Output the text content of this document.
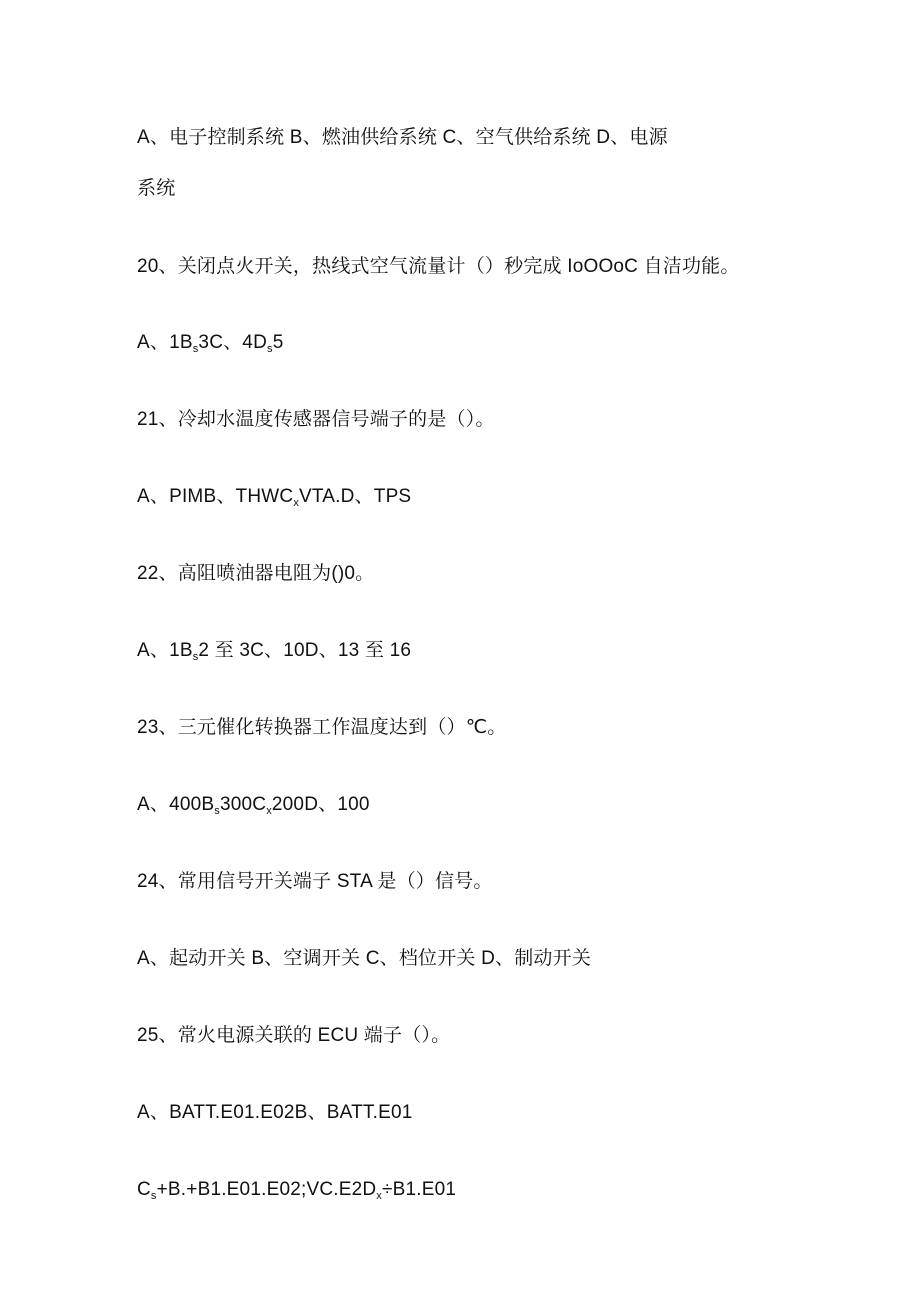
A、电子控制系统 B、燃油供给系统 C、空气供给系统 D、电源
系统
20、关闭点火开关，热线式空气流量计（）秒完成 IoOOoC 自洁功能。
A、$1B_s3C$、$4D_s5$
21、冷却水温度传感器信号端子的是（）。
A、PIMB、$THWC_xVTA.D$、TPS
22、高阻喷油器电阻为()0。
A、$1B_s2$ 至 3C、10D、13 至 16
23、三元催化转换器工作温度达到（）℃。
A、$400B_s300C_x200D$、100
24、常用信号开关端子 STA 是（）信号。
A、起动开关 B、空调开关 C、档位开关 D、制动开关
25、常火电源关联的 ECU 端子（）。
A、BATT.E01.E02B、BATT.E01
$C_s+B.+B1.E01.E02;VC.E2D_x\div B1.E01$
